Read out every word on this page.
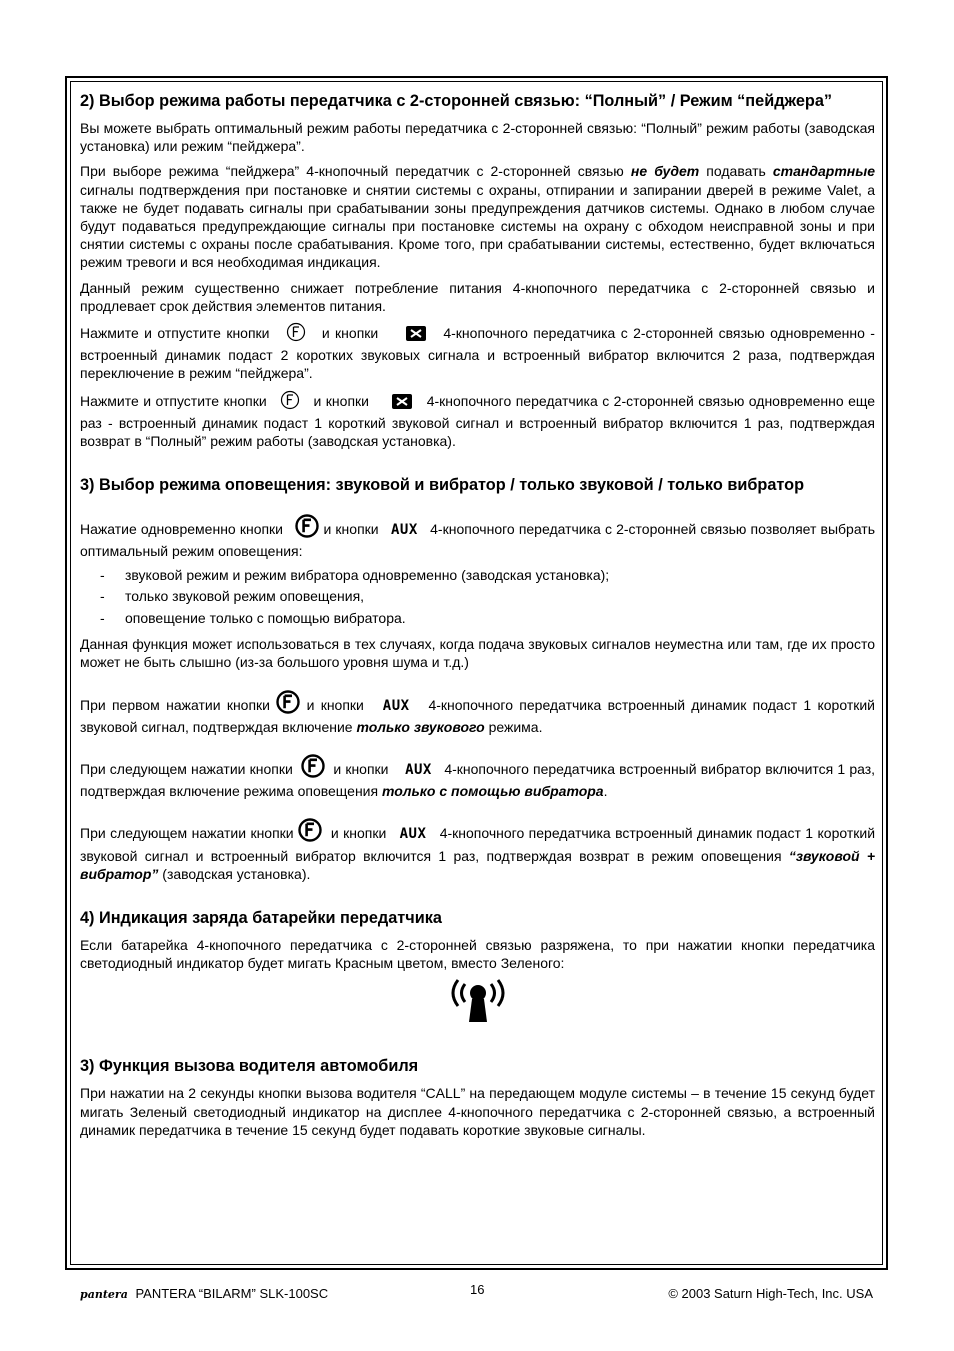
2) Выбор режима работы передатчика с 2-сторонней связью: “Полный” / Режим “пейджера”

Вы можете выбрать оптимальный режим работы передатчика с 2-сторонней связью: “Полный” режим работы (заводская установка) или режим “пейджера”.

При выборе режима “пейджера” 4-кнопочный передатчик с 2-сторонней связью не будет подавать стандартные сигналы подтверждения при постановке и снятии системы с охраны, отпирании и запирании дверей в режиме Valet, а также не будет подавать сигналы при срабатывании зоны предупреждения датчиков системы. Однако в любом случае будут подаваться предупреждающие сигналы при постановке системы на охрану с обходом неисправной зоны и при снятии системы с охраны после срабатывания. Кроме того, при срабатывании системы, естественно, будет включаться режим тревоги и вся необходимая индикация.

Данный режим существенно снижает потребление питания 4-кнопочного передатчика с 2-сторонней связью и продлевает срок действия элементов питания.

Нажмите и отпустите кнопки	и кнопки	4-кнопочного передатчика с 2-сторонней связью одновременно - встроенный динамик подаст 2 коротких звуковых сигнала и встроенный вибратор включится 2 раза, подтверждая переключение в режим “пейджера”.

Нажмите и отпустите кнопки	и кнопки	4-кнопочного передатчика с 2-сторонней связью одновременно еще раз - встроенный динамик подаст 1 короткий звуковой сигнал и встроенный вибратор включится 1 раз, подтверждая возврат в “Полный” режим работы (заводская установка).

3) Выбор режима оповещения: звуковой и вибратор / только звуковой / только вибратор

Нажатие одновременно кнопки    и кнопки   AUX   4-кнопочного передатчика с 2-сторонней связью позволяет выбрать оптимальный режим оповещения:

- звуковой режим и режим вибратора одновременно (заводская установка);
- только звуковой режим оповещения,
- оповещение только с помощью вибратора.

Данная функция может использоваться в тех случаях, когда подача звуковых сигналов неуместна или там, где их просто может не быть слышно (из-за большого уровня шума и т.д.)

При первом нажатии кнопки  и кнопки   AUX   4-кнопочного передатчика встроенный динамик подаст 1 короткий звуковой сигнал, подтверждая включение только звукового режима.

При следующем нажатии кнопки    и кнопки    AUX   4-кнопочного передатчика встроенный вибратор включится 1 раз, подтверждая включение режима оповещения только с помощью вибратора.

При следующем нажатии кнопки   и кнопки   AUX   4-кнопочного передатчика встроенный динамик подаст 1 короткий звуковой сигнал и встроенный вибратор включится 1 раз, подтверждая возврат в режим оповещения “звуковой + вибратор” (заводская установка).

4) Индикация заряда батарейки передатчика

Если батарейка 4-кнопочного передатчика с 2-сторонней связью разряжена, то при нажатии кнопки передатчика светодиодный индикатор будет мигать Красным цветом, вместо Зеленого:

3) Функция вызова водителя автомобиля

При нажатии на 2 секунды кнопки вызова водителя “CALL” на передающем модуле системы – в течение 15 секунд будет мигать Зеленый светодиодный индикатор на дисплее 4-кнопочного передатчика с 2-сторонней связью, а встроенный динамик передатчика в течение 15 секунд будет подавать короткие звуковые сигналы.

pantera PANTERA “BILARM” SLK-100SC	16	© 2003 Saturn High-Tech, Inc. USA
